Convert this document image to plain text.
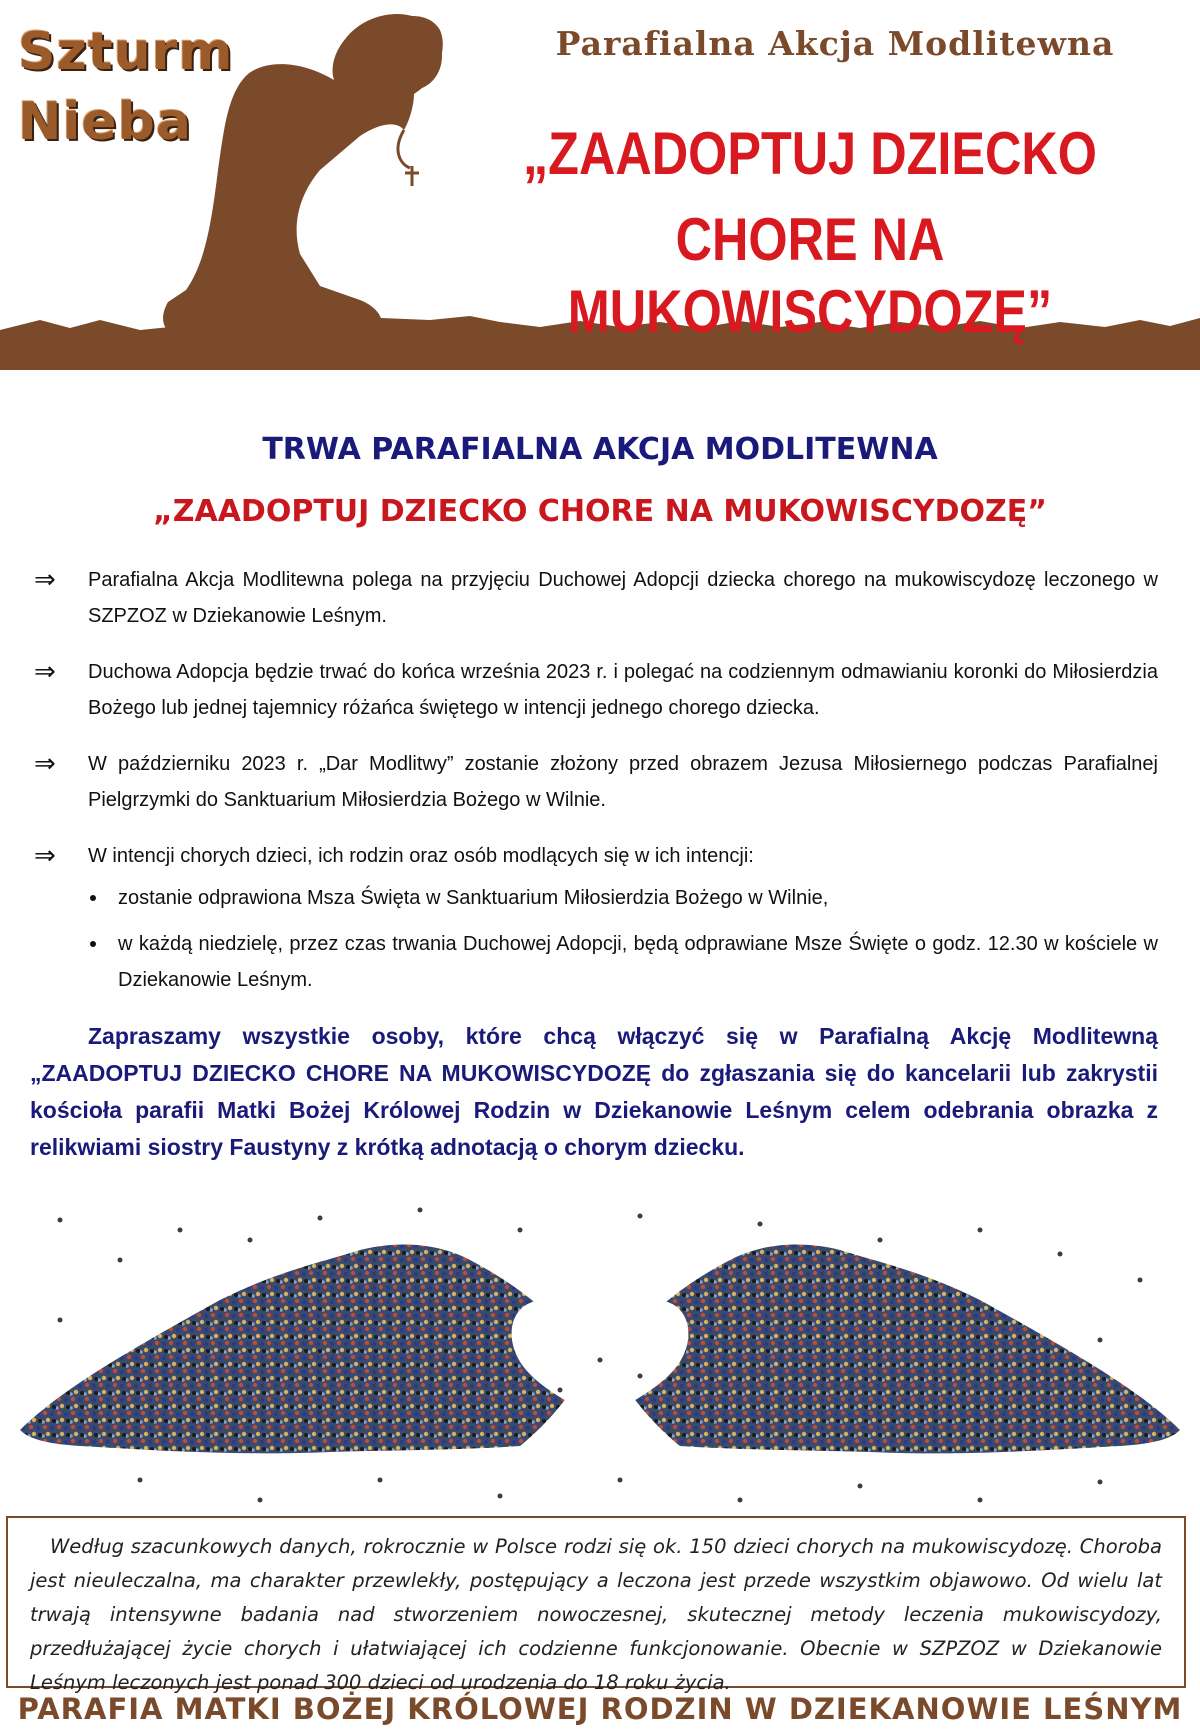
Szturm
Nieba
Parafialna Akcja Modlitewna
„ZAADOPTUJ DZIECKO
CHORE NA MUKOWISCYDOZĘ”
TRWA PARAFIALNA AKCJA MODLITEWNA
„ZAADOPTUJ DZIECKO CHORE NA MUKOWISCYDOZĘ”
⇒ Parafialna Akcja Modlitewna polega na przyjęciu Duchowej Adopcji dziecka chorego na mukowiscydozę leczonego w SZPZOZ w Dziekanowie Leśnym.
⇒ Duchowa Adopcja będzie trwać do końca września 2023 r. i polegać na codziennym odmawianiu koronki do Miłosierdzia Bożego lub jednej tajemnicy różańca świętego w intencji jednego chorego dziecka.
⇒ W październiku 2023 r. „Dar Modlitwy” zostanie złożony przed obrazem Jezusa Miłosiernego podczas Parafialnej Pielgrzymki do Sanktuarium Miłosierdzia Bożego w Wilnie.
⇒ W intencji chorych dzieci, ich rodzin oraz osób modlących się w ich intencji:
zostanie odprawiona Msza Święta w Sanktuarium Miłosierdzia Bożego w Wilnie,
w każdą niedzielę, przez czas trwania Duchowej Adopcji, będą odprawiane Msze Święte o godz. 12.30 w kościele w Dziekanowie Leśnym.
Zapraszamy wszystkie osoby, które chcą włączyć się w Parafialną Akcję Modlitewną „ZAADOPTUJ DZIECKO CHORE NA MUKOWISCYDOZĘ do zgłaszania się do kancelarii lub zakrystii kościoła parafii Matki Bożej Królowej Rodzin w Dziekanowie Leśnym celem odebrania obrazka z relikwiami siostry Faustyny z krótką adnotacją o chorym dziecku.
Według szacunkowych danych, rokrocznie w Polsce rodzi się ok. 150 dzieci chorych na mukowiscydozę. Choroba jest nieuleczalna, ma charakter przewlekły, postępujący a leczona jest przede wszystkim objawowo. Od wielu lat trwają intensywne badania nad stworzeniem nowoczesnej, skutecznej metody leczenia mukowiscydozy, przedłużającej życie chorych i ułatwiającej ich codzienne funkcjonowanie. Obecnie w SZPZOZ w Dziekanowie Leśnym leczonych jest ponad 300 dzieci od urodzenia do 18 roku życia.
PARAFIA MATKI BOŻEJ KRÓLOWEJ RODZIN W DZIEKANOWIE LEŚNYM
